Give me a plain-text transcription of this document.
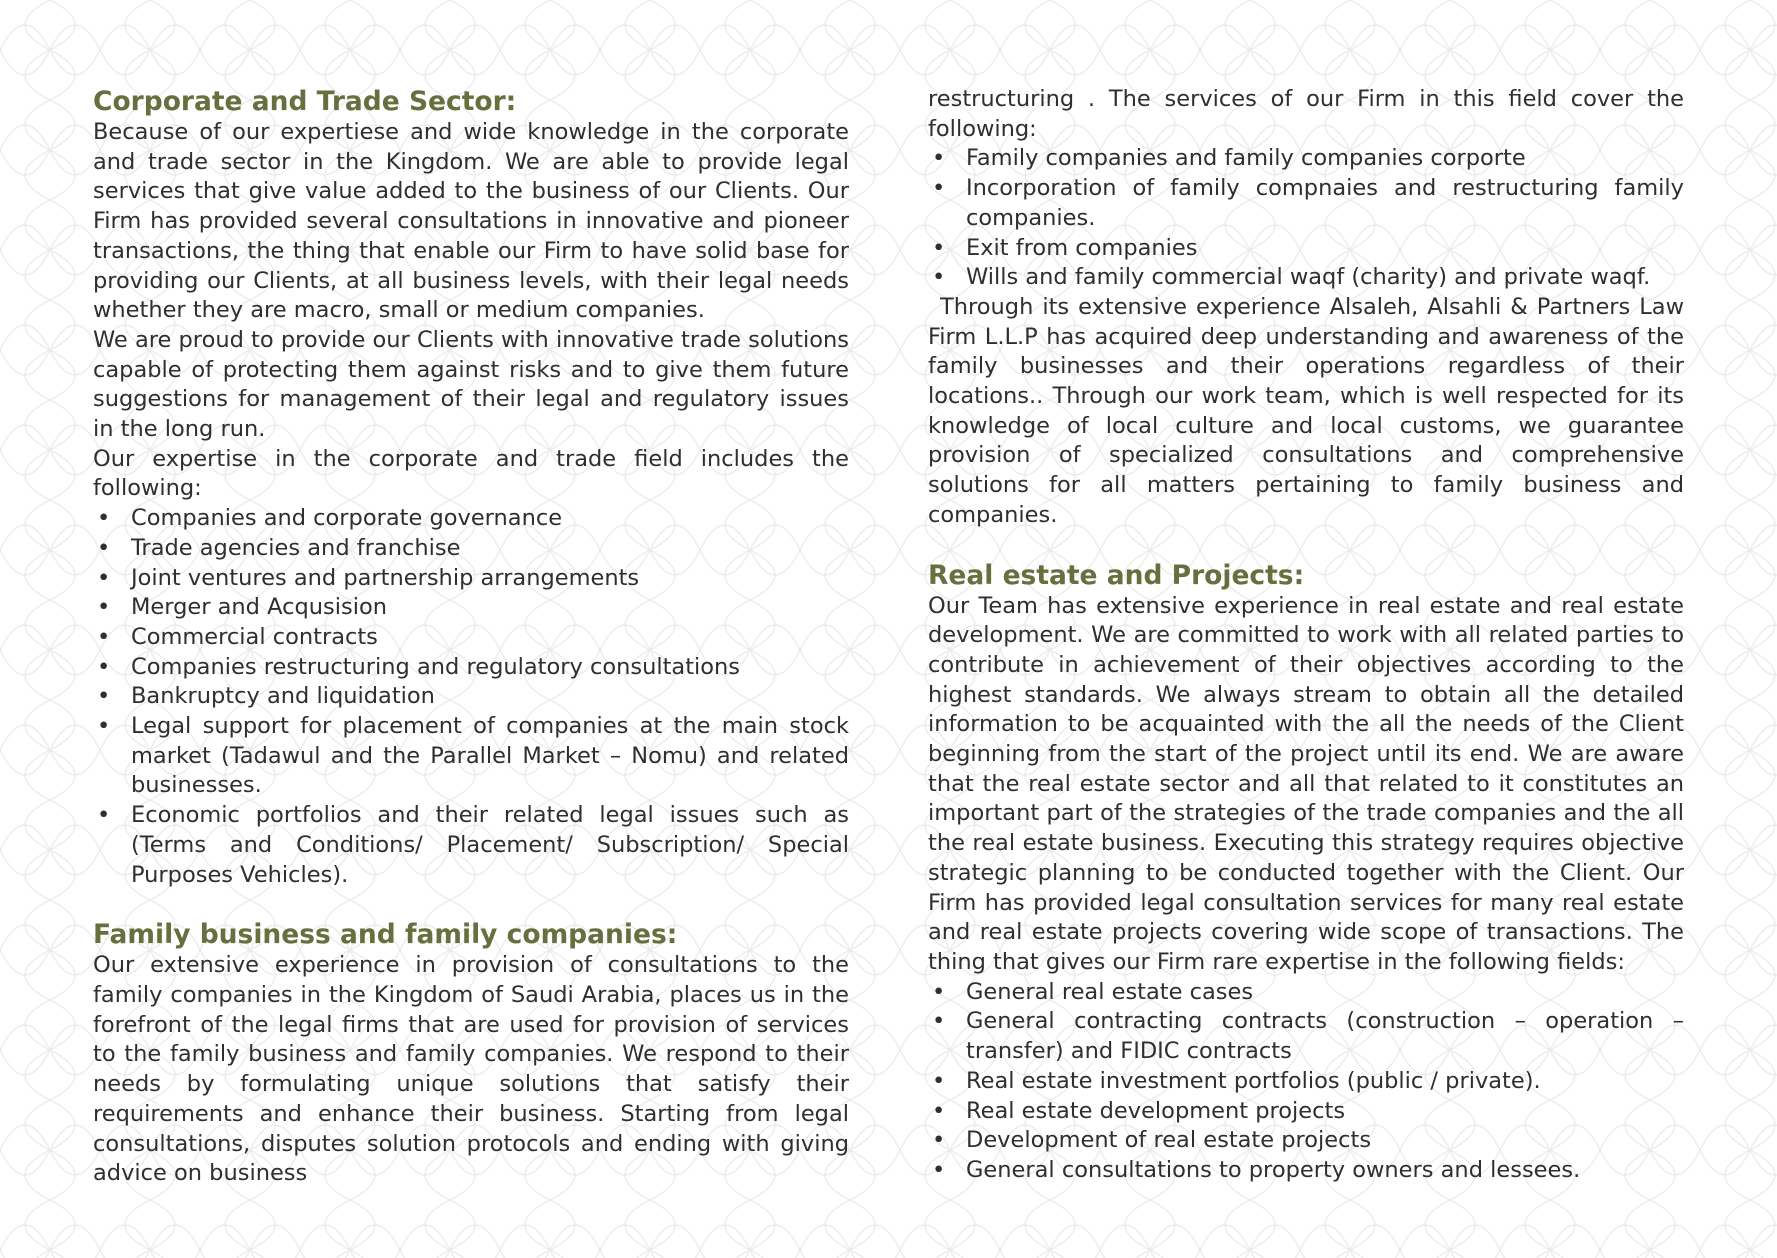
Corporate and Trade Sector:

Because of our expertiese and wide knowledge in the corporate and trade sector in the Kingdom. We are able to provide legal services that give value added to the business of our Clients. Our Firm has provided several consultations in innovative and pioneer transactions, the thing that enable our Firm to have solid base for providing our Clients, at all business levels, with their legal needs whether they are macro, small or medium companies.

We are proud to provide our Clients with innovative trade solutions capable of protecting them against risks and to give them future suggestions for management of their legal and regulatory issues in the long run.

Our expertise in the corporate and trade field includes the following:

• Companies and corporate governance
• Trade agencies and franchise
• Joint ventures and partnership arrangements
• Merger and Acqusision
• Commercial contracts
• Companies restructuring and regulatory consultations
• Bankruptcy and liquidation
• Legal support for placement of companies at the main stock market (Tadawul and the Parallel Market – Nomu) and related businesses.
• Economic portfolios and their related legal issues such as (Terms and Conditions/ Placement/ Subscription/ Special Purposes Vehicles).
Family business and family companies:

Our extensive experience in provision of consultations to the family companies in the Kingdom of Saudi Arabia, places us in the forefront of the legal firms that are used for provision of services to the family business and family companies. We respond to their needs by formulating unique solutions that satisfy their requirements and enhance their business. Starting from legal consultations, disputes solution protocols and ending with giving advice on business

restructuring . The services of our Firm in this field cover the following:

• Family companies and family companies corporte
• Incorporation of family compnaies and restructuring family companies.
• Exit from companies
• Wills and family commercial waqf (charity) and private waqf.

Through its extensive experience Alsaleh, Alsahli & Partners Law Firm L.L.P has acquired deep understanding and awareness of the family businesses and their operations regardless of their locations.. Through our work team, which is well respected for its knowledge of local culture and local customs, we guarantee provision of specialized consultations and comprehensive solutions for all matters pertaining to family business and companies.

Real estate and Projects:

Our Team has extensive experience in real estate and real estate development. We are committed to work with all related parties to contribute in achievement of their objectives according to the highest standards. We always stream to obtain all the detailed information to be acquainted with the all the needs of the Client beginning from the start of the project until its end. We are aware that the real estate sector and all that related to it constitutes an important part of the strategies of the trade companies and the all the real estate business. Executing this strategy requires objective strategic planning to be conducted together with the Client. Our Firm has provided legal consultation services for many real estate and real estate projects covering wide scope of transactions. The thing that gives our Firm rare expertise in the following fields:

• General real estate cases
• General contracting contracts (construction – operation – transfer) and FIDIC contracts
• Real estate investment portfolios (public / private).
• Real estate development projects
• Development of real estate projects
• General consultations to property owners and lessees.
